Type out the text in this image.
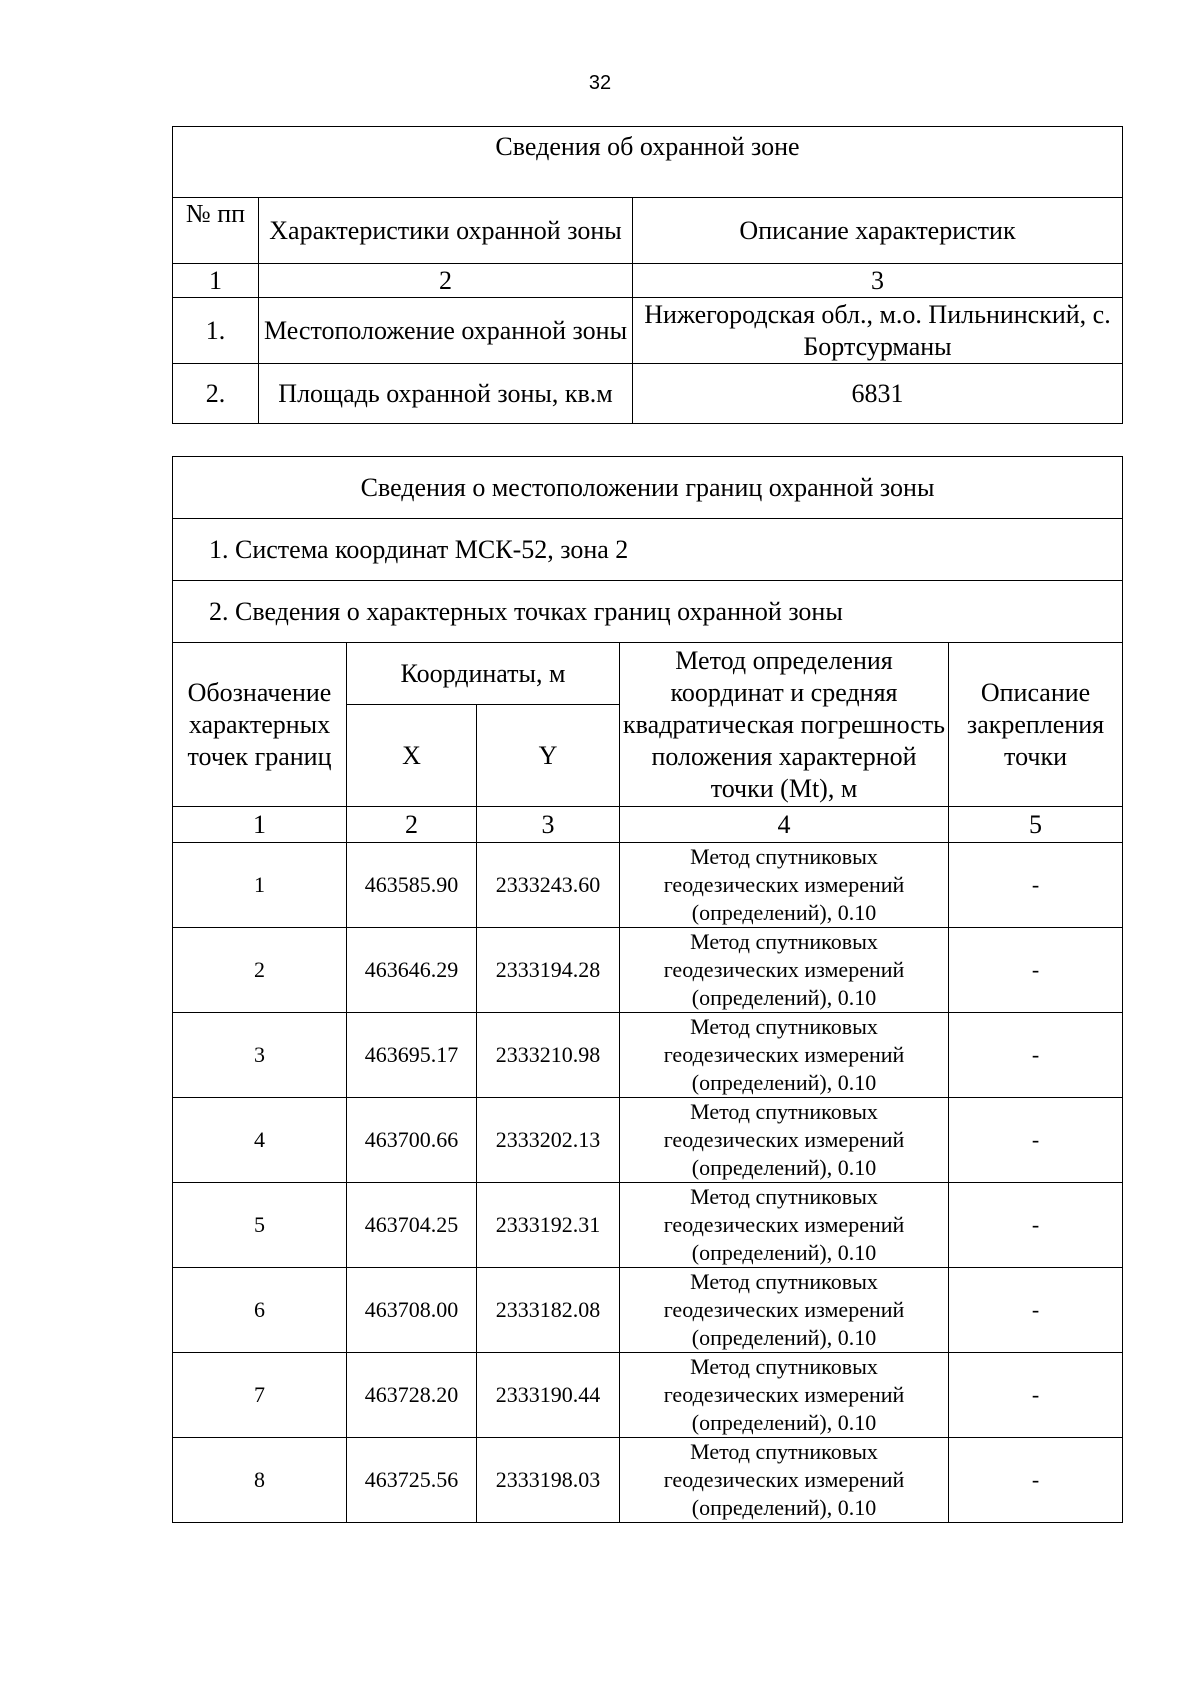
32
Сведения об охранной зоне		
№ пп	Характеристики охранной зоны	Описание характеристик
1	2	3
1.	Местоположение охранной зоны	Нижегородская обл., м.о. Пильнинский, с. Бортсурманы
2.	Площадь охранной зоны, кв.м	6831
Сведения о местоположении границ охранной зоны				
1. Система координат МСК-52, зона 2				
2. Сведения о характерных точках границ охранной зоны				
Обозначение характерных точек границ	Координаты, м		Метод определения координат и средняя квадратическая погрешность положения характерной точки (Mt), м	Описание закрепления точки
	X	Y		
1	2	3	4	5
1	463585.90	2333243.60	Метод спутниковых геодезических измерений (определений), 0.10	-
2	463646.29	2333194.28	Метод спутниковых геодезических измерений (определений), 0.10	-
3	463695.17	2333210.98	Метод спутниковых геодезических измерений (определений), 0.10	-
4	463700.66	2333202.13	Метод спутниковых геодезических измерений (определений), 0.10	-
5	463704.25	2333192.31	Метод спутниковых геодезических измерений (определений), 0.10	-
6	463708.00	2333182.08	Метод спутниковых геодезических измерений (определений), 0.10	-
7	463728.20	2333190.44	Метод спутниковых геодезических измерений (определений), 0.10	-
8	463725.56	2333198.03	Метод спутниковых геодезических измерений (определений), 0.10	-
